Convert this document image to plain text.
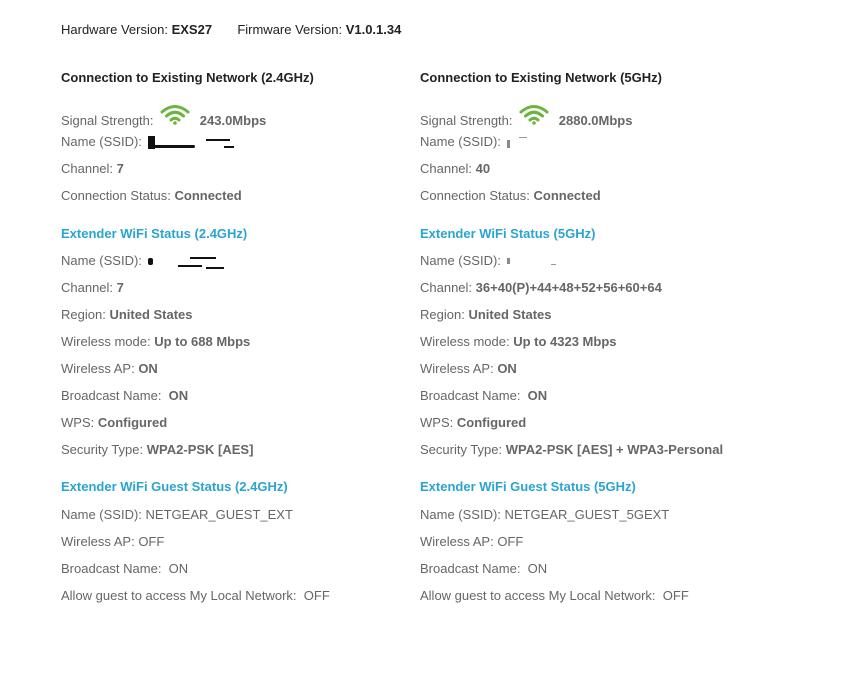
Hardware Version: EXS27 Firmware Version: V1.0.1.34
Connection to Existing Network (2.4GHz)
Signal Strength:	243.0Mbps
Name (SSID):
Channel: 7
Connection Status: Connected
Extender WiFi Status (2.4GHz)
Name (SSID):
Channel: 7
Region: United States
Wireless mode: Up to 688 Mbps
Wireless AP: ON
Broadcast Name: ON
WPS: Configured
Security Type: WPA2-PSK [AES]
Extender WiFi Guest Status (2.4GHz)
Name (SSID): NETGEAR_GUEST_EXT
Wireless AP: OFF
Broadcast Name: ON
Allow guest to access My Local Network: OFF
Connection to Existing Network (5GHz)
Signal Strength:	2880.0Mbps
Name (SSID):
Channel: 40
Connection Status: Connected
Extender WiFi Status (5GHz)
Name (SSID):
Channel: 36+40(P)+44+48+52+56+60+64
Region: United States
Wireless mode: Up to 4323 Mbps
Wireless AP: ON
Broadcast Name: ON
WPS: Configured
Security Type: WPA2-PSK [AES] + WPA3-Personal
Extender WiFi Guest Status (5GHz)
Name (SSID): NETGEAR_GUEST_5GEXT
Wireless AP: OFF
Broadcast Name: ON
Allow guest to access My Local Network: OFF
